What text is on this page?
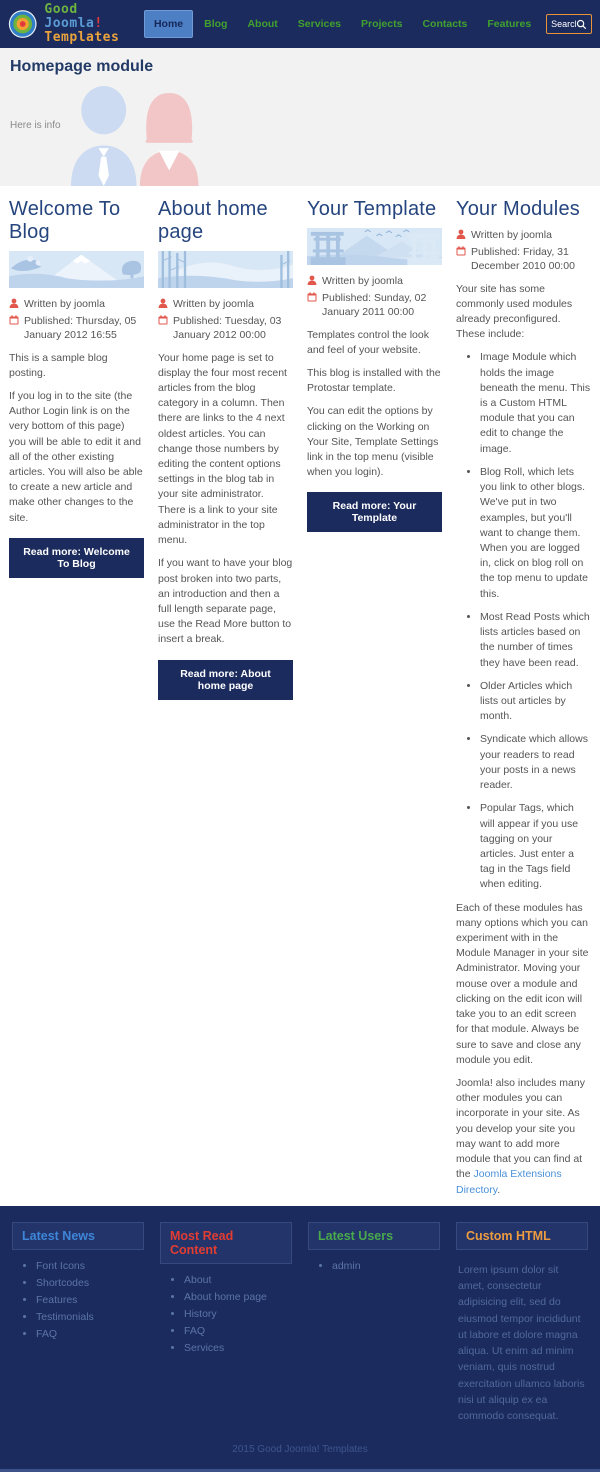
Good Joomla!
Templates
Home	Blog	About	Services	Projects	Contacts	Features
Search
Homepage module
Here is info
Welcome To Blog
Written by joomla
Published: Thursday, 05 January 2012 16:55

This is a sample blog posting.

If you log in to the site (the Author Login link is on the very bottom of this page) you will be able to edit it and all of the other existing articles. You will also be able to create a new article and make other changes to the site.

Read more: Welcome To Blog
About home page
Written by joomla
Published: Tuesday, 03 January 2012 00:00

Your home page is set to display the four most recent articles from the blog category in a column. Then there are links to the 4 next oldest articles. You can change those numbers by editing the content options settings in the blog tab in your site administrator. There is a link to your site administrator in the top menu.

If you want to have your blog post broken into two parts, an introduction and then a full length separate page, use the Read More button to insert a break.

Read more: About home page
Your Template
Written by joomla
Published: Sunday, 02 January 2011 00:00

Templates control the look and feel of your website.

This blog is installed with the Protostar template.

You can edit the options by clicking on the Working on Your Site, Template Settings link in the top menu (visible when you login).

Read more: Your Template
Your Modules
Written by joomla
Published: Friday, 31 December 2010 00:00

Your site has some commonly used modules already preconfigured. These include:

• Image Module which holds the image beneath the menu. This is a Custom HTML module that you can edit to change the image.
• Blog Roll, which lets you link to other blogs. We've put in two examples, but you'll want to change them. When you are logged in, click on blog roll on the top menu to update this.
• Most Read Posts which lists articles based on the number of times they have been read.
• Older Articles which lists out articles by month.
• Syndicate which allows your readers to read your posts in a news reader.
• Popular Tags, which will appear if you use tagging on your articles. Just enter a tag in the Tags field when editing.

Each of these modules has many options which you can experiment with in the Module Manager in your site Administrator. Moving your mouse over a module and clicking on the edit icon will take you to an edit screen for that module. Always be sure to save and close any module you edit.

Joomla! also includes many other modules you can incorporate in your site. As you develop your site you may want to add more module that you can find at the Joomla Extensions Directory.

Latest News
• Font Icons
• Shortcodes
• Features
• Testimonials
• FAQ
Most Read Content
• About
• About home page
• History
• FAQ
• Services
Latest Users
• admin
Custom HTML
Lorem ipsum dolor sit amet, consectetur adipisicing elit, sed do eiusmod tempor incididunt ut labore et dolore magna aliqua. Ut enim ad minim veniam, quis nostrud exercitation ullamco laboris nisi ut aliquip ex ea commodo consequat.
2015 Good Joomla! Templates
